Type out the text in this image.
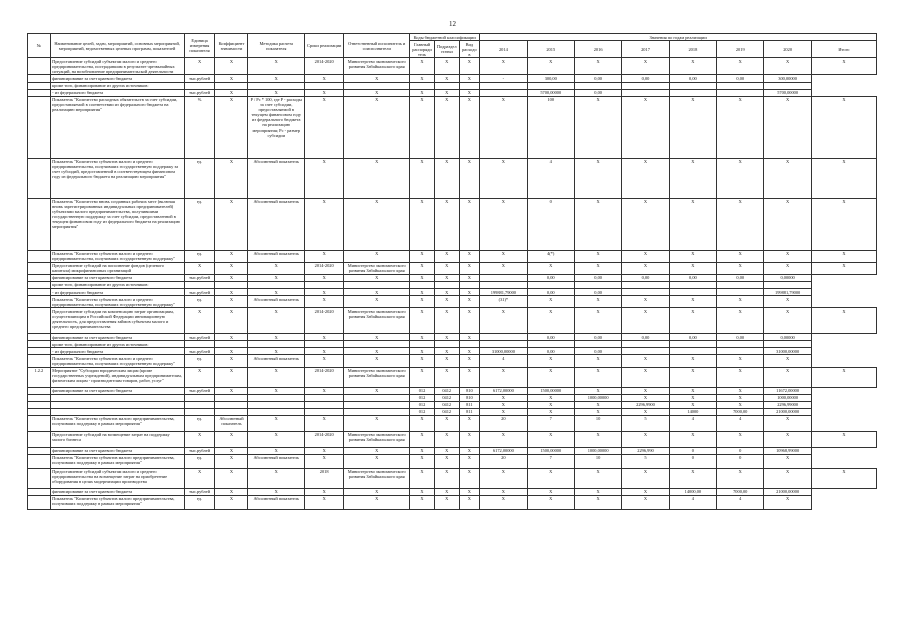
12
№	Наименование целей, задач, мероприятий, основных мероприятий, мероприятий, ведомственных целевых программ, показателей	Единица измерения показателя	Коэффициент значимости	Методика расчета показателя	Сроки реализации	Ответственный исполнитель и соисполнители	Коды бюджетной классификации			Значения по годам реализации							
							Главный распорядитель	Подраздел статьи	Вид расходов	2014	2015	2016	2017	2018	2019	2020	Итого
	Предоставление субсидий субъектам малого и среднего предпринимательства, пострадавшим в результате чрезвычайных ситуаций, на возобновление предпринимательской деятельности	X	X	X	2014-2020	Министерство экономического развития Забайкальского края	X	X	X	X	X	X	X	X	X	X	X
	финансирование за счет краевого бюджета	тыс.рублей	X	X	X	X	X	X	X	-	300,00	0,00	0,00	0,00	0,00	300,00000	
	кроме того, финансирование из других источников:																
	- из федерального бюджета	тыс.рублей	X	X	X	X	X	X	X		5700,00000	0,00				5700,00000	
	Показатель "Количество расходных обязательств за счет субсидии, предоставляемой в соответствии из федерального бюджета на реализацию мероприятия"	%	X	P / Pс * 100, где P - расходы за счет субсидии, предоставляемой в текущем финансовом году из федерального бюджета на реализацию мероприятия; Pс - размер субсидии	X	X	X	X	X	X	100	X	X	X	X	X	X
	Показатель "Количество субъектов малого и среднего предпринимательства, получивших государственную поддержку за счет субсидий, предоставленной в соответствующем финансовом году из федерального бюджета на реализацию мероприятия"	ед.	X	Абсолютный показатель	X	X	X	X	X	X	4	X	X	X	X	X	X
	Показатель "Количество вновь созданных рабочих мест (включая вновь зарегистрированных индивидуальных предпринимателей) субъектами малого предпринимательства, получившими государственную поддержку за счет субсидии, предоставленной в текущем финансовом году из федерального бюджета на реализацию мероприятия"	ед.	X	Абсолютный показатель	X	X	X	X	X	X	0	X	X	X	X	X	X
	Показатель "Количество субъектов малого и среднего предпринимательства, получивших государственную поддержку"	ед.	X	Абсолютный показатель	X	X	X	X	X	X	4(*)	X	X	X	X	X	X
	Предоставление субсидий на пополнение фондов (целевого капитала) микрофинансовых организаций	X	X	X	2014-2020	Министерство экономического развития Забайкальского края	X	X	X	X	X	X	X	X	X	X	X
	финансирование за счет краевого бюджета	тыс.рублей	X	X	X	X	X	X	X		0,00	0,00	0,00	0,00	0,00	0,00000	
	кроме того, финансирование из других источников:																
	- из федерального бюджета	тыс.рублей	X	X	X	X	X	X	X	199881,79000	0,00	0,00				199881,79000	
	Показатель "Количество субъектов малого и среднего предпринимательства, получивших государственную поддержку"	ед.	X	Абсолютный показатель	X	X	X	X	X	(31)*	X	X	X	X	X	X	
	Предоставление субсидии на компенсацию затрат организациям, осуществляющим в Российской Федерации инновационную деятельность, для предоставления займов субъектам малого и среднего предпринимательства	X	X	X	2014-2020	Министерство экономического развития Забайкальского края	X	X	X	X	X	X	X	X	X	X	X
	финансирование за счет краевого бюджета	тыс.рублей	X	X	X	X	X	X	X		0,00	0,00	0,00	0,00	0,00	0,00000	
	кроме того, финансирование из других источников:																
	- из федерального бюджета	тыс.рублей	X	X	X	X	X	X	X	31000,00000	0,00	0,00				31000,00000	
	Показатель "Количество субъектов малого и среднего предпринимательства, получивших государственную поддержку"	ед.	X	Абсолютный показатель	X	X	X	X	X	4	X	X	X	X	X	X	
1.2.2	Мероприятие "Субсидии юридическим лицам (кроме государственных учреждений), индивидуальным предпринимателям, физическим лицам - производителям товаров, работ, услуг"	X	X	X	2014-2020	Министерство экономического развития Забайкальского края	X	X	X	X	X	X	X	X	X	X	X
	финансирование за счет краевого бюджета	тыс.рублей	X	X	X	X	012	0412	810	6172,00000	1500,00000	X	X	X	X	11672,00000	
							012	0412	810	X	X	1000,00000	X	X	X	1000,00000	
							012	0412	811	X	X	X	2296,9900	X	X	2296,99000	
							012	0412	811	X	X	X	X	14000	7000,00	21000,00000	
	Показатель "Количество субъектов малого предпринимательства, получивших поддержку в рамках мероприятия"	ед.	Абсолютный показатель	X	X	X	X	X	X	20	7	10	5	4	4	X	
	Предоставление субсидий на возмещение затрат на поддержку малого бизнеса	X	X	X	2014-2020	Министерство экономического развития Забайкальского края	X	X	X	X	X	X	X	X	X	X	X
	финансирование за счет краевого бюджета	тыс.рублей	X	X	X	X	X	X	X	6172,00000	1500,00000	1000,00000	2296,990	0	0	10968,99000	
	Показатель "Количество субъектов малого предпринимательства, получивших поддержку в рамках мероприятия"	ед.	X	Абсолютный показатель	X	X	X	X	X	20	7	10	5	0	0	X	
	Предоставление субсидий субъектам малого и среднего предпринимательства на возмещение затрат на приобретение оборудования в целях модернизации производства	X	X	X	2018	Министерство экономического развития Забайкальского края	X	X	X	X	X	X	X	X	X	X	X
	финансирование за счет краевого бюджета	тыс.рублей	X	X	X	X	X	X	X	X	X	X	X	14000,00	7000,00	21000,00000	
	Показатель "Количество субъектов малого предпринимательства, получивших поддержку в рамках мероприятия"	ед.	X	Абсолютный показатель	X	X	X	X	X	X	X	X	X	4	4	X	
